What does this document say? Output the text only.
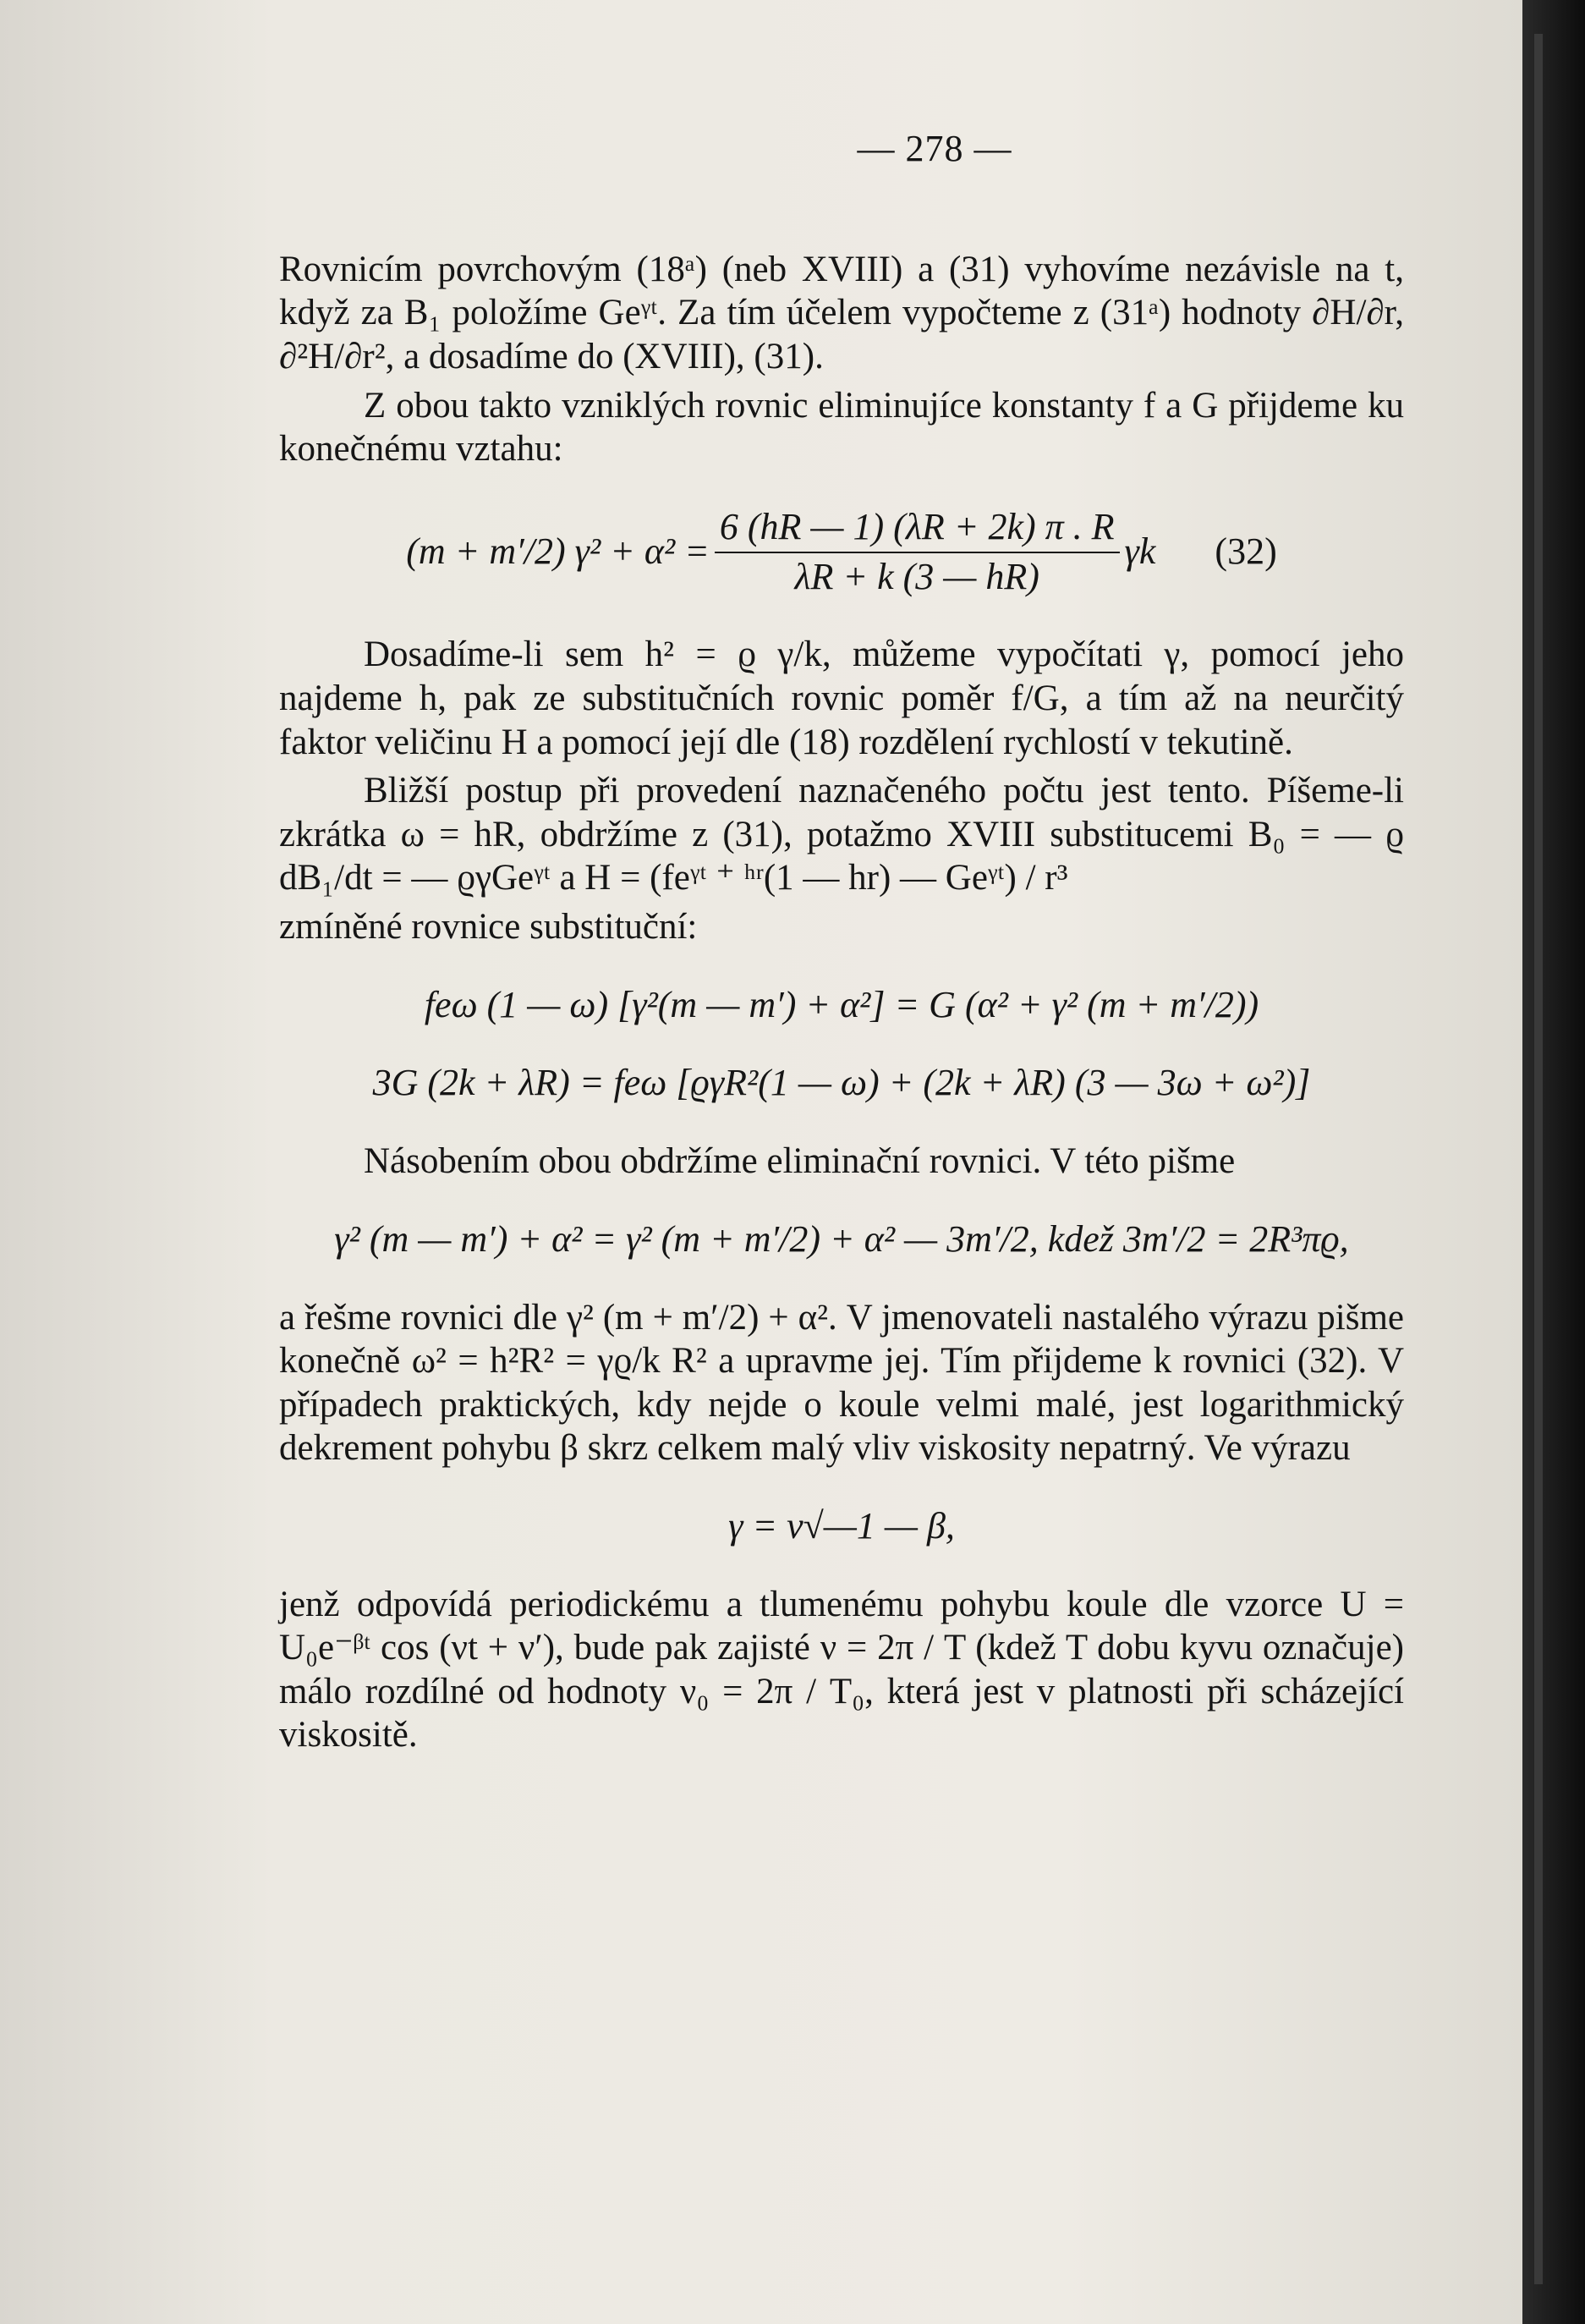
— 278 —

Rovnicím povrchovým (18ᵃ) (neb XVIII) a (31) vyhovíme nezávisle na t, když za B₁ položíme Geᵞᵗ. Za tím účelem vypočteme z (31ᵃ) hodnoty ∂H/∂r, ∂²H/∂r², a dosadíme do (XVIII), (31).

Z obou takto vzniklých rovnic eliminujíce konstanty f a G přijdeme ku konečnému vztahu:

(m + m′/2) $\gamma^2 + \alpha^2 = \frac{6 (hR — 1) (\lambda R + 2k) \pi . R}{\lambda R + k (3 — hR)}$ γk (32)

Dosadíme-li sem h² = ϱ γ/k, můžeme vypočítati γ, pomocí jeho najdeme h, pak ze substitučních rovnic poměr f/G, a tím až na neurčitý faktor veličinu H a pomocí její dle (18) rozdělení rychlostí v tekutině.

Bližší postup při provedení naznačeného počtu jest tento. Píšeme-li zkrátka ω = hR, obdržíme z (31), potažmo XVIII substitucemi B₀ = — ϱ dB₁/dt = — ϱγGeᵞᵗ a H = (feᵞᵗ ⁺ ʰʳ(1 — hr) — Geᵞᵗ) / r³

zmíněné rovnice substituční:

feω (1 — ω) [γ²(m — m′) + α²] = G (α² + γ² (m + m′/2))
3G (2k + λR) = feω [ϱγR²(1 — ω) + (2k + λR) (3 — 3ω + ω²)]

Násobením obou obdržíme eliminační rovnici. V této pišme

γ² (m — m′) + α² = γ² (m + m′/2) + α² — 3m′/2, kdež 3m′/2 = 2R³πϱ,

a řešme rovnici dle γ² (m + m′/2) + α². V jmenovateli nastalého výrazu pišme konečně ω² = h²R² = γϱ/k R² a upravme jej. Tím přijdeme k rovnici (32). V případech praktických, kdy nejde o koule velmi malé, jest logarithmický dekrement pohybu β skrz celkem malý vliv viskosity nepatrný. Ve výrazu

γ = ν√—1 — β,

jenž odpovídá periodickému a tlumenému pohybu koule dle vzorce U = U₀e⁻ᵝᵗ cos (νt + ν′), bude pak zajisté ν = 2π / T (kdež T dobu kyvu označuje) málo rozdílné od hodnoty ν₀ = 2π / T₀, která jest v platnosti při scházející viskositě.
